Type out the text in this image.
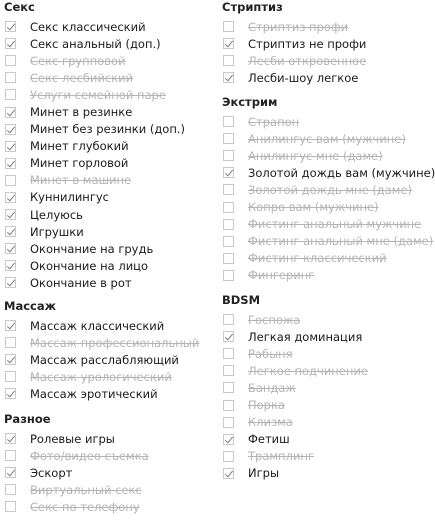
Секс
Секс классический
Секс анальный (доп.)
Секс групповой
Секс лесбийский
Услуги семейной паре
Минет в резинке
Минет без резинки (доп.)
Минет глубокий
Минет горловой
Минет в машине
Куннилингус
Целуюсь
Игрушки
Окончание на грудь
Окончание на лицо
Окончание в рот
Массаж
Массаж классический
Массаж профессиональный
Массаж расслабляющий
Массаж урологический
Массаж эротический
Разное
Ролевые игры
Фото/видео съемка
Эскорт
Виртуальный секс
Секс по телефону
Стриптиз
Стриптиз профи
Стриптиз не профи
Лесби откровенное
Лесби-шоу легкое
Экстрим
Страпон
Анилингус вам (мужчине)
Анилингус мне (даме)
Золотой дождь вам (мужчине)
Золотой дождь мне (даме)
Копро вам (мужчине)
Фистинг анальный мужчине
Фистинг анальный мне (даме)
Фистинг классический
Фингеринг
BDSM
Госпожа
Легкая доминация
Рабыня
Легкое подчинение
Бандаж
Порка
Клизма
Фетиш
Трамплинг
Игры
